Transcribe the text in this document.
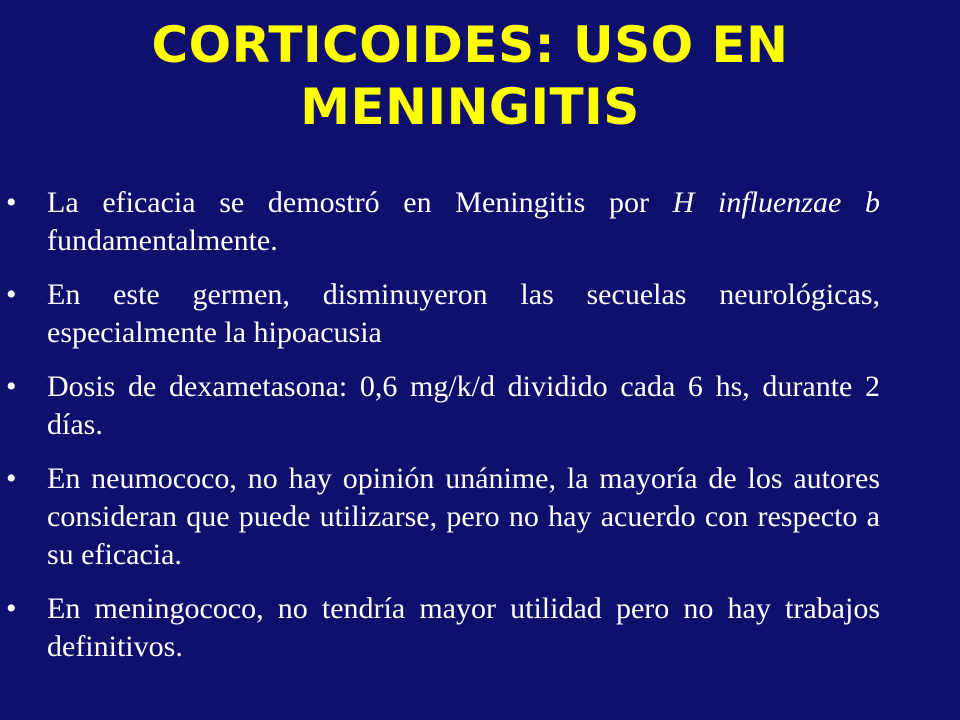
CORTICOIDES: USO EN
MENINGITIS
•	La eficacia se demostró en Meningitis por H influenzae b fundamentalmente.
•	En este germen, disminuyeron las secuelas neurológicas, especialmente la hipoacusia
•	Dosis de dexametasona: 0,6 mg/k/d dividido cada 6 hs, durante 2 días.
•	En neumococo, no hay opinión unánime, la mayoría de los autores consideran que puede utilizarse, pero no hay acuerdo con respecto a su eficacia.
•	En meningococo, no tendría mayor utilidad pero no hay trabajos definitivos.
